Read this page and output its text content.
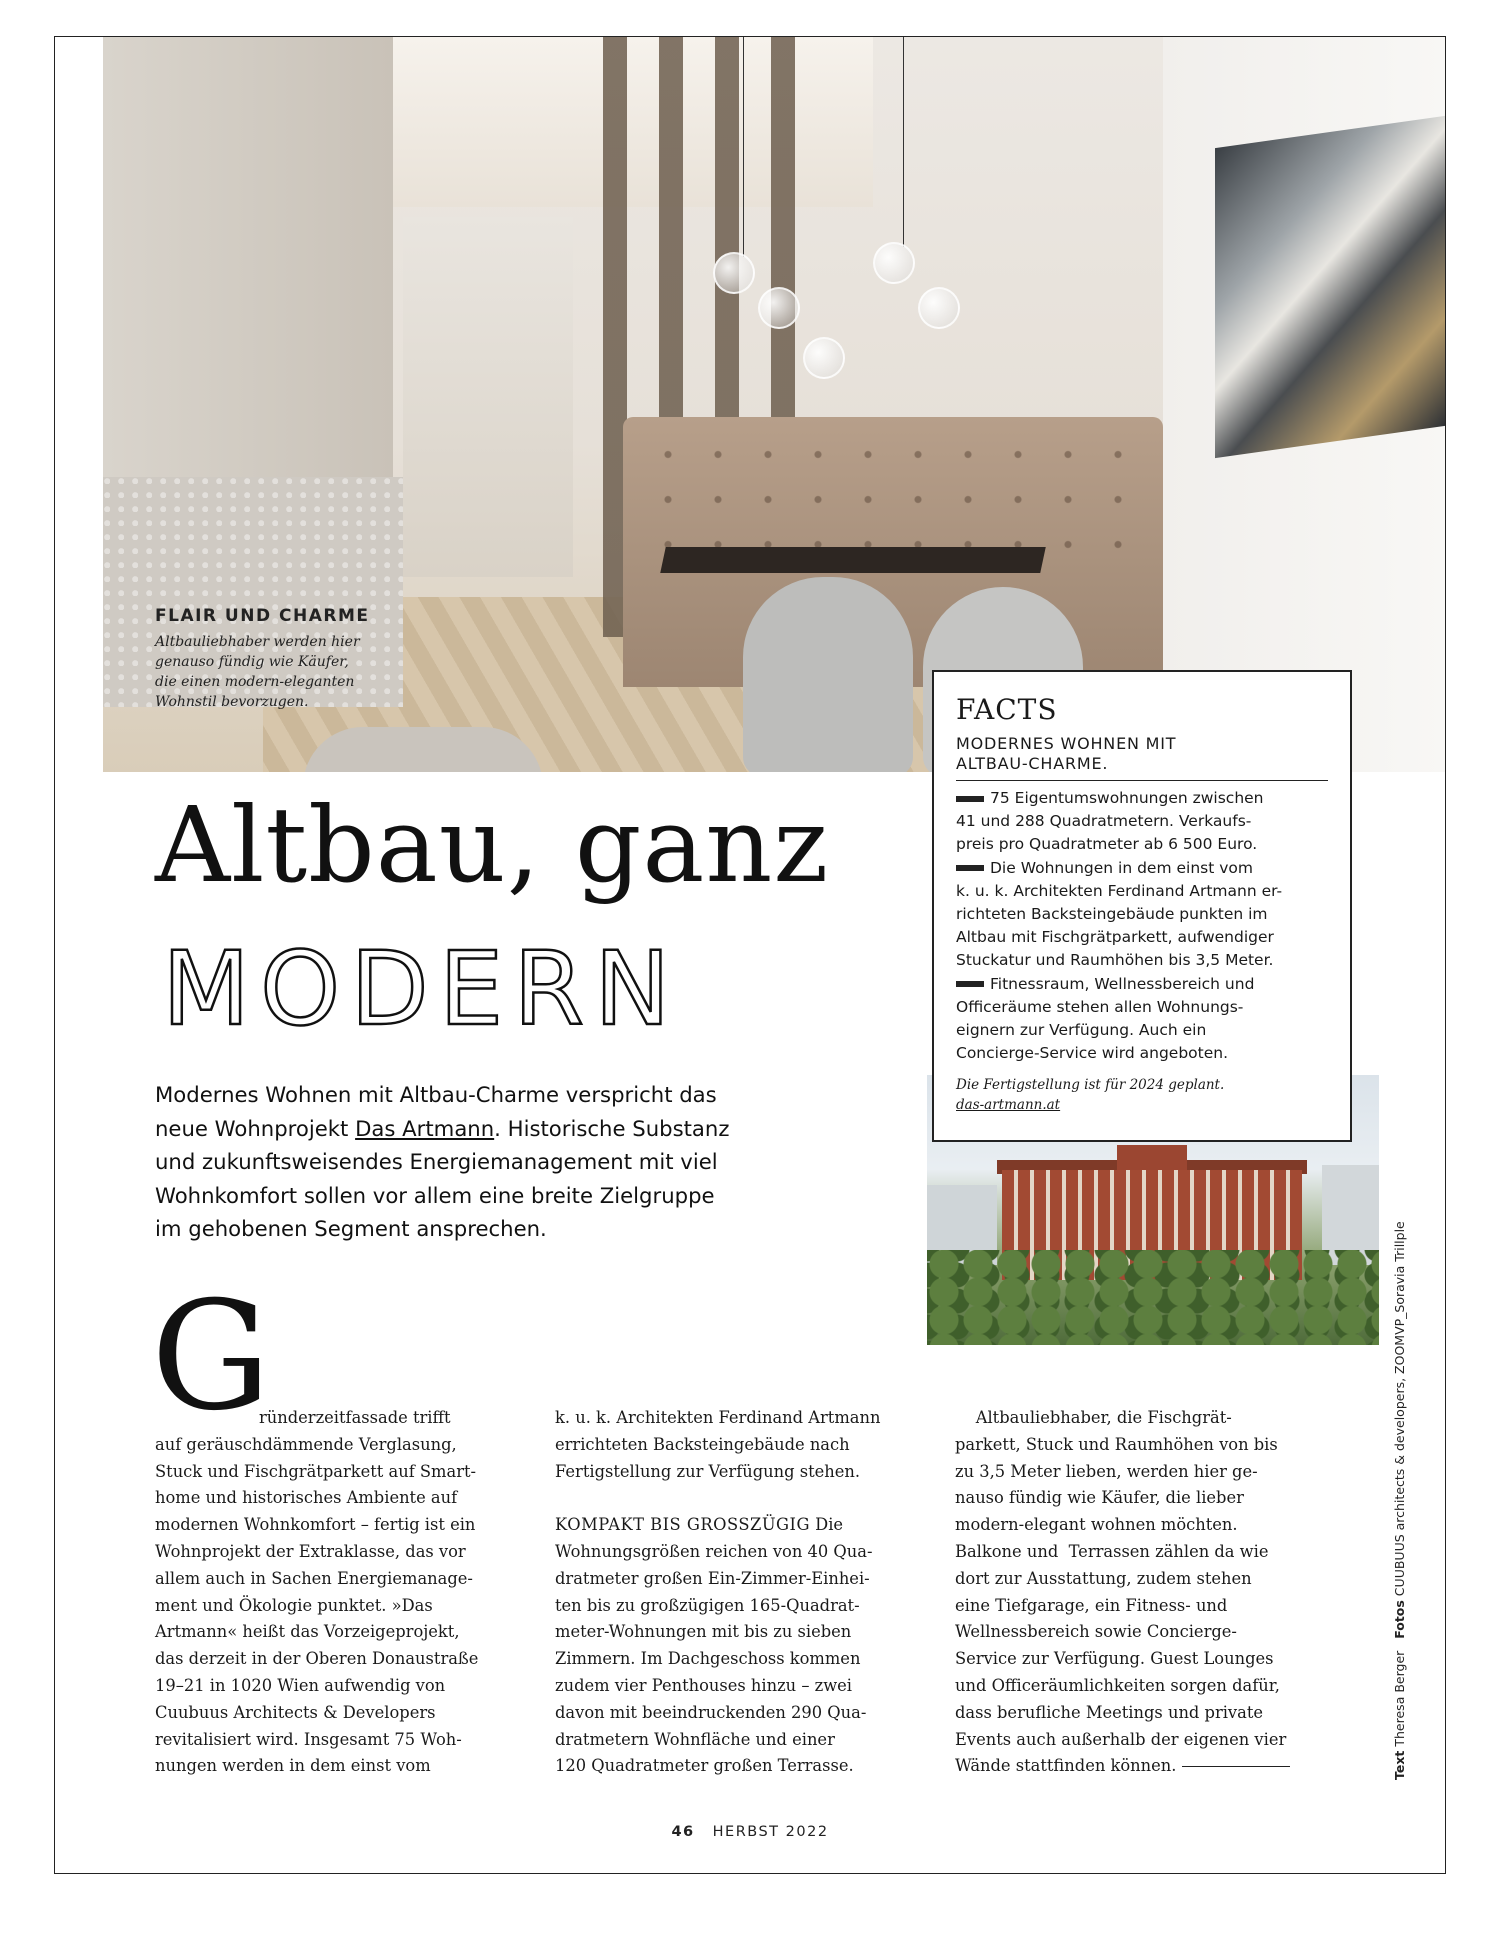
FLAIR UND CHARME
Altbauliebhaber werden hier
genauso fündig wie Käufer,
die einen modern-eleganten
Wohnstil bevorzugen.	FACTS
MODERNES WOHNEN MIT
ALTBAU-CHARME.
75 Eigentumswohnungen zwischen
41 und 288 Quadratmetern. Verkaufs-
preis pro Quadratmeter ab 6 500 Euro.
Die Wohnungen in dem einst vom
k. u. k. Architekten Ferdinand Artmann er-
richteten Backsteingebäude punkten im
Altbau mit Fischgrätparkett, aufwendiger
Stuckatur und Raumhöhen bis 3,5 Meter.
Fitnessraum, Wellnessbereich und
Officeräume stehen allen Wohnungs-
eignern zur Verfügung. Auch ein
Concierge-Service wird angeboten.
Die Fertigstellung ist für 2024 geplant.
das-artmann.at
Text Theresa Berger   Fotos CUUBUUS architects & developers, ZOOMVP_Soravia Trillple
Altbau, ganz
MODERN
Modernes Wohnen mit Altbau-Charme verspricht das
neue Wohnprojekt Das Artmann. Historische Substanz
und zukunftsweisendes Energiemanagement mit viel
Wohnkomfort sollen vor allem eine breite Zielgruppe
im gehobenen Segment ansprechen.
G
ründerzeitfassade trifft
auf geräuschdämmende Verglasung,
Stuck und Fischgrätparkett auf Smart-
home und historisches Ambiente auf
modernen Wohnkomfort – fertig ist ein
Wohnprojekt der Extraklasse, das vor
allem auch in Sachen Energiemanage-
ment und Ökologie punktet. »Das
Artmann« heißt das Vorzeigeprojekt,
das derzeit in der Oberen Donaustraße
19–21 in 1020 Wien aufwendig von
Cuubuus Architects & Developers
revitalisiert wird. Insgesamt 75 Woh-
nungen werden in dem einst vom
k. u. k. Architekten Ferdinand Artmann
errichteten Backsteingebäude nach
Fertigstellung zur Verfügung stehen.

KOMPAKT BIS GROSSZÜGIG Die
Wohnungsgrößen reichen von 40 Qua-
dratmeter großen Ein-Zimmer-Einhei-
ten bis zu großzügigen 165-Quadrat-
meter-Wohnungen mit bis zu sieben
Zimmern. Im Dachgeschoss kommen
zudem vier Penthouses hinzu – zwei
davon mit beeindruckenden 290 Qua-
dratmetern Wohnfläche und einer
120 Quadratmeter großen Terrasse.
Altbauliebhaber, die Fischgrät-
parkett, Stuck und Raumhöhen von bis
zu 3,5 Meter lieben, werden hier ge-
nauso fündig wie Käufer, die lieber
modern-elegant wohnen möchten.
Balkone und  Terrassen zählen da wie
dort zur Ausstattung, zudem stehen
eine Tiefgarage, ein Fitness- und
Wellnessbereich sowie Concierge-
Service zur Verfügung. Guest Lounges
und Officeräumlichkeiten sorgen dafür,
dass berufliche Meetings und private
Events auch außerhalb der eigenen vier
Wände stattfinden können.
46 HERBST 2022
